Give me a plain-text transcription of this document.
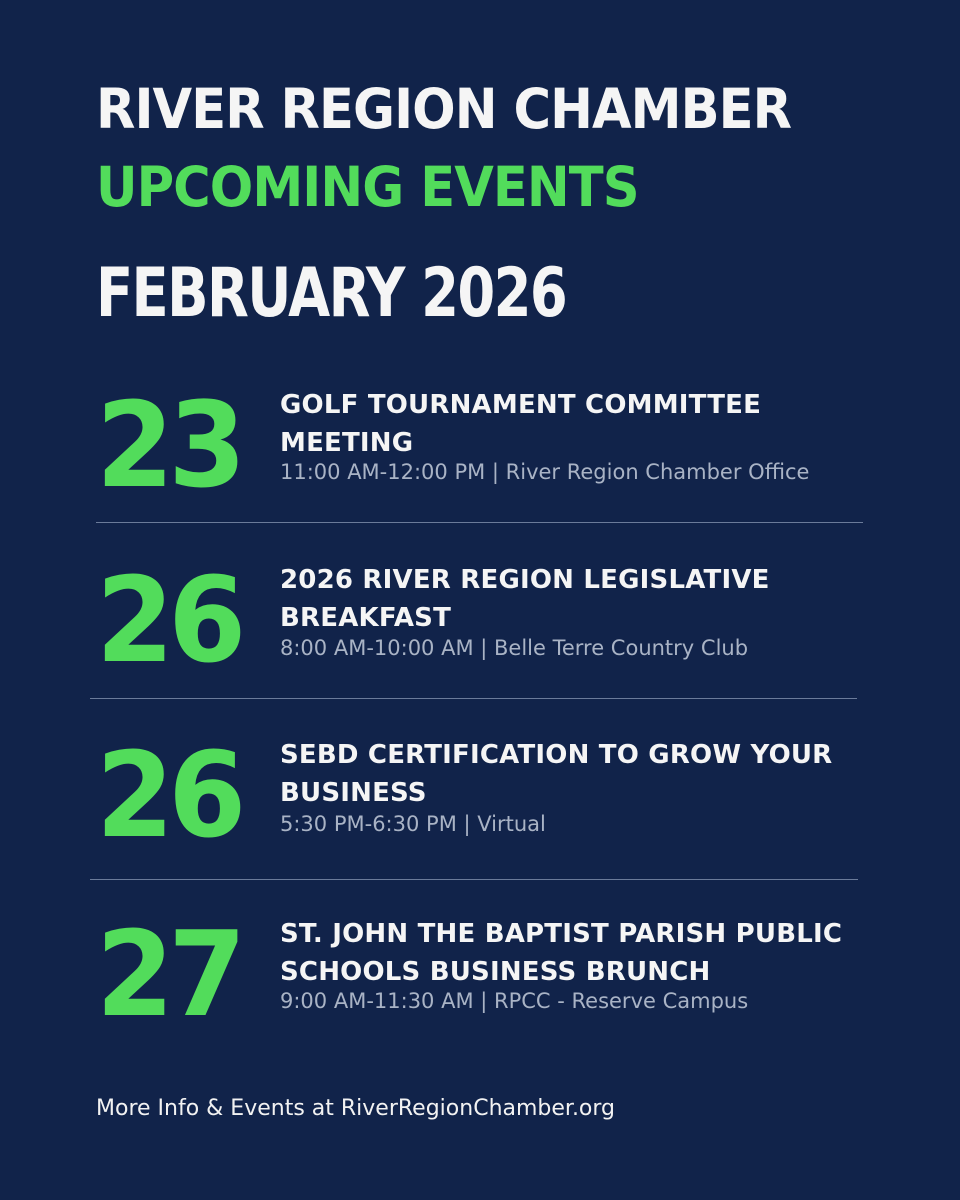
RIVER REGION CHAMBER
UPCOMING EVENTS
FEBRUARY 2026
23 GOLF TOURNAMENT COMMITTEE MEETING
11:00 AM-12:00 PM | River Region Chamber Office
26 2026 RIVER REGION LEGISLATIVE BREAKFAST
8:00 AM-10:00 AM | Belle Terre Country Club
26 SEBD CERTIFICATION TO GROW YOUR BUSINESS
5:30 PM-6:30 PM | Virtual
27 ST. JOHN THE BAPTIST PARISH PUBLIC SCHOOLS BUSINESS BRUNCH
9:00 AM-11:30 AM | RPCC - Reserve Campus
More Info & Events at RiverRegionChamber.org
